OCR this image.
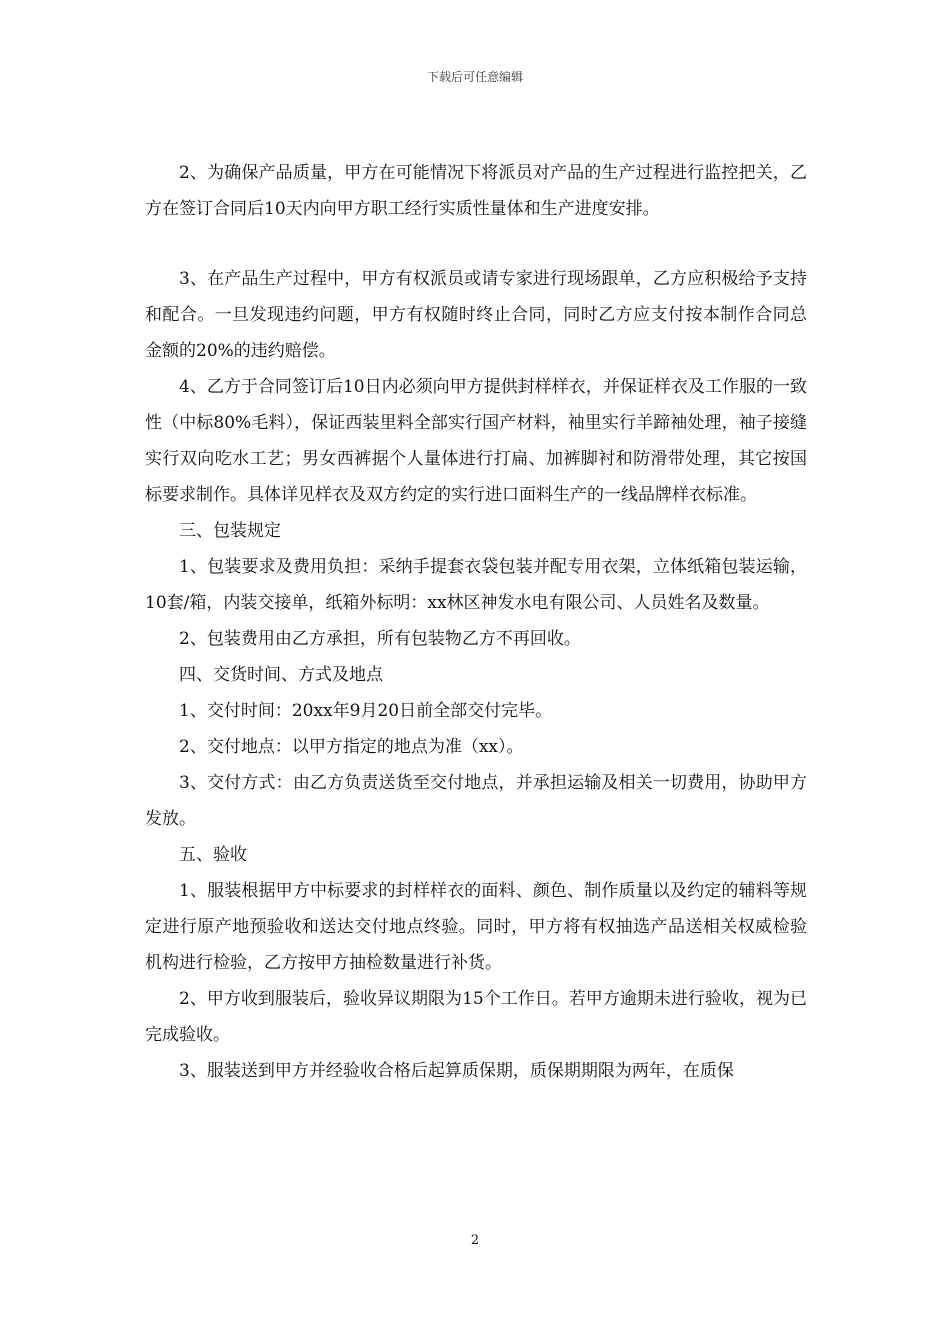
下载后可任意编辑

2、为确保产品质量，甲方在可能情况下将派员对产品的生产过程进行监控把关，乙方在签订合同后10天内向甲方职工经行实质性量体和生产进度安排。

3、在产品生产过程中，甲方有权派员或请专家进行现场跟单，乙方应积极给予支持和配合。一旦发现违约问题，甲方有权随时终止合同，同时乙方应支付按本制作合同总金额的20%的违约赔偿。

4、乙方于合同签订后10日内必须向甲方提供封样样衣，并保证样衣及工作服的一致性（中标80%毛料），保证西装里料全部实行国产材料，袖里实行羊蹄袖处理，袖子接缝实行双向吃水工艺；男女西裤据个人量体进行打扁、加裤脚衬和防滑带处理，其它按国标要求制作。具体详见样衣及双方约定的实行进口面料生产的一线品牌样衣标准。

三、包装规定

1、包装要求及费用负担：采纳手提套衣袋包装并配专用衣架，立体纸箱包装运输，10套/箱，内装交接单，纸箱外标明：xx林区神发水电有限公司、人员姓名及数量。

2、包装费用由乙方承担，所有包装物乙方不再回收。

四、交货时间、方式及地点

1、交付时间：20xx年9月20日前全部交付完毕。

2、交付地点：以甲方指定的地点为准（xx）。

3、交付方式：由乙方负责送货至交付地点，并承担运输及相关一切费用，协助甲方发放。

五、验收

1、服装根据甲方中标要求的封样样衣的面料、颜色、制作质量以及约定的辅料等规定进行原产地预验收和送达交付地点终验。同时，甲方将有权抽选产品送相关权威检验机构进行检验，乙方按甲方抽检数量进行补货。

2、甲方收到服装后，验收异议期限为15个工作日。若甲方逾期未进行验收，视为已完成验收。

3、服装送到甲方并经验收合格后起算质保期，质保期期限为两年，在质保

2
